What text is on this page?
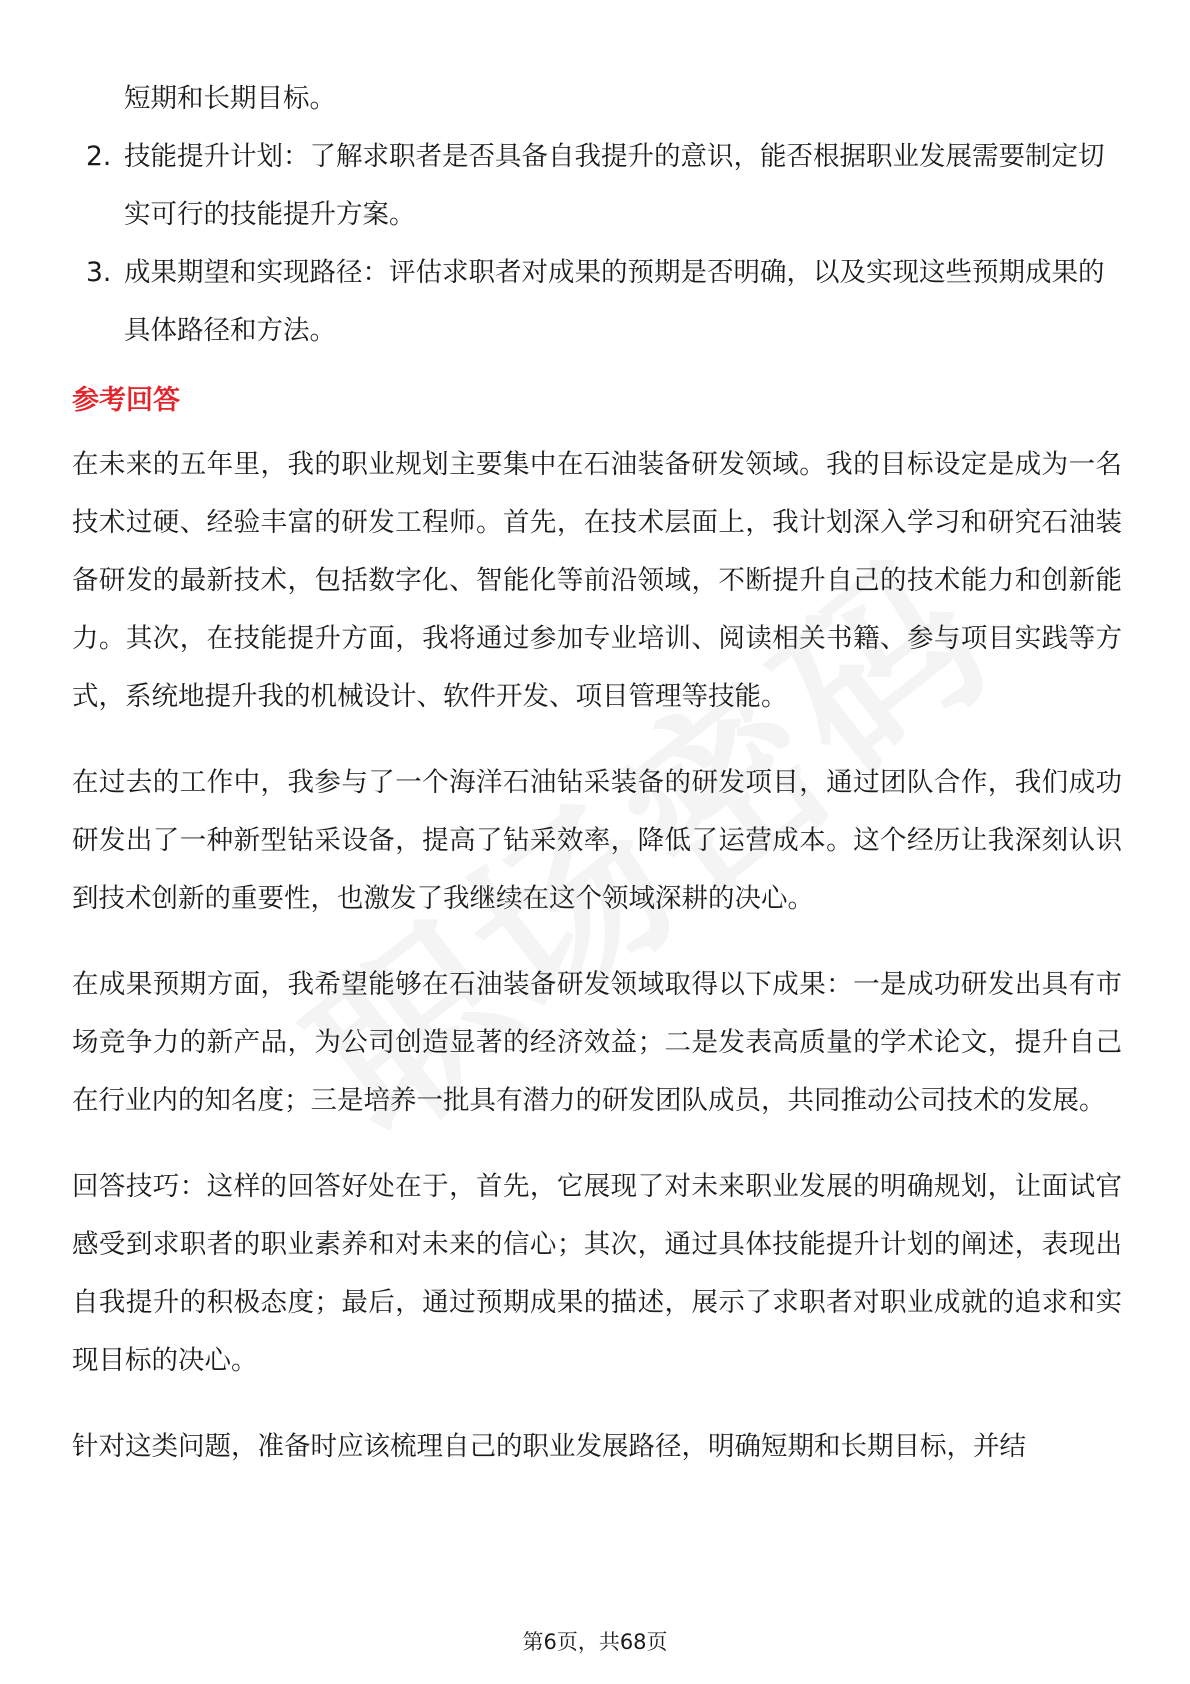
短期和长期目标。

2. 技能提升计划：了解求职者是否具备自我提升的意识，能否根据职业发展需要制定切实可行的技能提升方案。
3. 成果期望和实现路径：评估求职者对成果的预期是否明确，以及实现这些预期成果的具体路径和方法。
参考回答

在未来的五年里，我的职业规划主要集中在石油装备研发领域。我的目标设定是成为一名技术过硬、经验丰富的研发工程师。首先，在技术层面上，我计划深入学习和研究石油装备研发的最新技术，包括数字化、智能化等前沿领域，不断提升自己的技术能力和创新能力。其次，在技能提升方面，我将通过参加专业培训、阅读相关书籍、参与项目实践等方式，系统地提升我的机械设计、软件开发、项目管理等技能。

在过去的工作中，我参与了一个海洋石油钻采装备的研发项目，通过团队合作，我们成功研发出了一种新型钻采设备，提高了钻采效率，降低了运营成本。这个经历让我深刻认识到技术创新的重要性，也激发了我继续在这个领域深耕的决心。

在成果预期方面，我希望能够在石油装备研发领域取得以下成果：一是成功研发出具有市场竞争力的新产品，为公司创造显著的经济效益；二是发表高质量的学术论文，提升自己在行业内的知名度；三是培养一批具有潜力的研发团队成员，共同推动公司技术的发展。

回答技巧：这样的回答好处在于，首先，它展现了对未来职业发展的明确规划，让面试官感受到求职者的职业素养和对未来的信心；其次，通过具体技能提升计划的阐述，表现出自我提升的积极态度；最后，通过预期成果的描述，展示了求职者对职业成就的追求和实现目标的决心。

针对这类问题，准备时应该梳理自己的职业发展路径，明确短期和长期目标，并结

第6页，共68页
